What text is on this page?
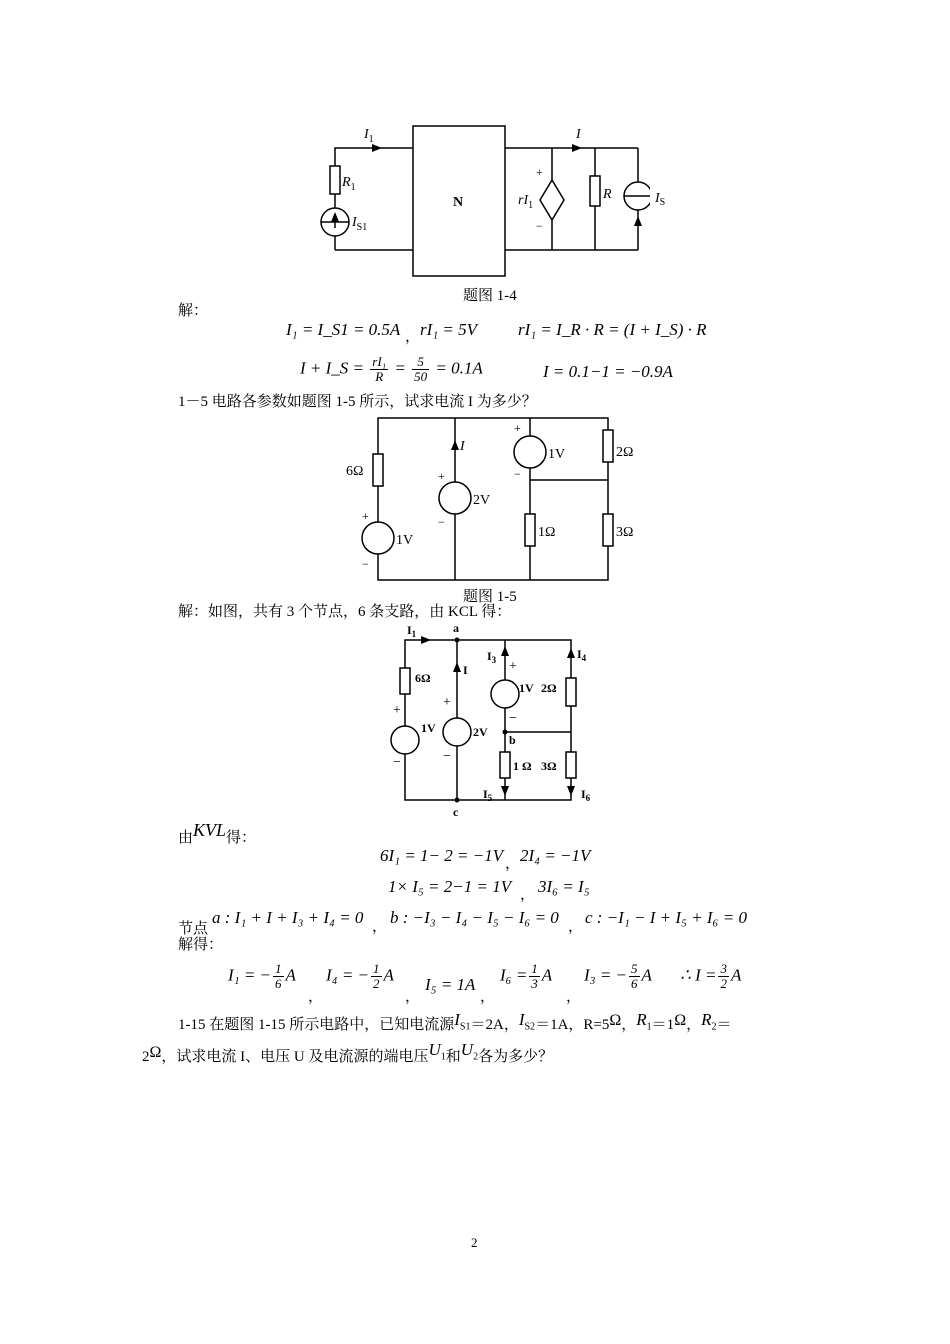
$I_1$	I
$R_1$
$I_{S1}$
N
+
−
$rI_1$
R	$I_S$
题图 1-4
解：
I₁ = I_S1 = 0.5A ， rI₁ = 5V rI₁ = I_R · R = (I + I_S) · R
I + I_S = $\frac{\text{rI₁}}{R} = \frac{5}{50} = 0.1A$	I = 0.1−1 = −0.9A
1－5 电路各参数如题图 1-5 所示，试求电流 I 为多少？
6Ω
+
−
1V
I
+
−
2V
+
−
1V	2Ω
1Ω	3Ω
题图 1-5
解：如图，共有 3 个节点，6 条支路，由 KCL 得：
$I_1$	a
I
$I_3$	$I_4$
6Ω
+
−
1V
+
−
2V
+
−
1V 2Ω
b
1 Ω 3Ω
$I_5$	$I_6$
c
由KVL得：
6I₁ = 1− 2 = −1V ， 2I₄ = −1V
1× I₅ = 2−1 = 1V ， 3I₆ = I₅
节点
a : I₁ + I + I₃ + I₄ = 0 ， b : −I₃ − I₄ − I₅ − I₆ = 0 ， c : −I₁ − I + I₅ + I₆ = 0
解得：
I₁ = − $\frac{1}{6}$ A
，
I₄ = − $\frac{1}{2}$ A
，
I₅ = 1A
，
$I_6 = \frac{1}{3}$ A
，
I₃ = − $\frac{5}{6}$ A ∴ $I = \frac{3}{2}$ A
1-15 在题图 1-15 所示电路中，已知电流源$I_{S1}=2A$，$I_{S2}=1A$，R=5Ω，$R_1=1\Omega$，$R_2=$
2Ω，试求电流 I、电压 U 及电流源的端电压$U_1$和$U_2$各为多少？
2
